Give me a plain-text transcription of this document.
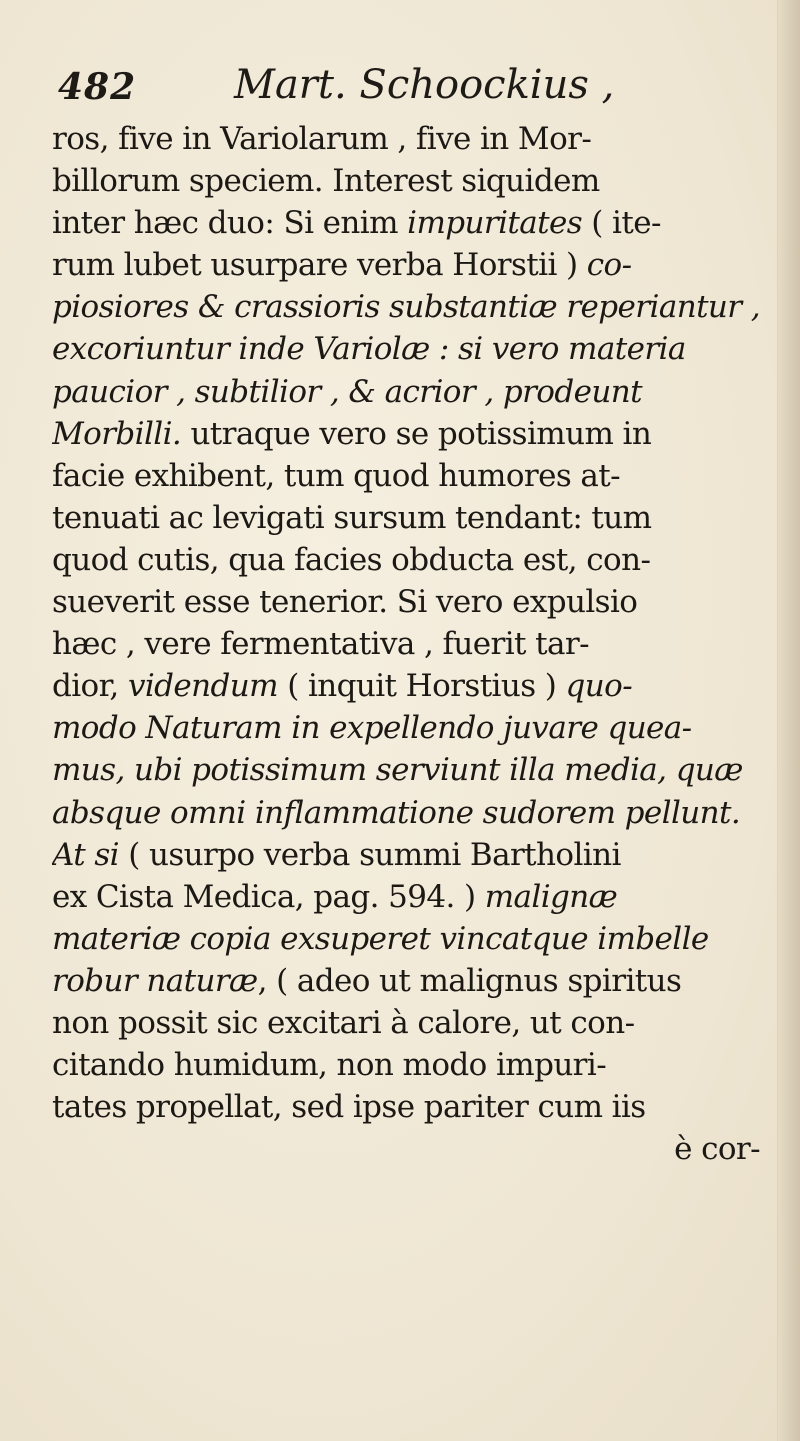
482 Mart. Schoockius ,
ros, five in Variolarum , five in Mor-
billorum speciem. Interest siquidem
inter hæc duo: Si enim impuritates ( ite-
rum lubet usurpare verba Horstii ) co-
piosiores & crassioris substantiæ reperiantur ,
excoriuntur inde Variolæ : si vero materia
paucior , subtilior , & acrior , prodeunt
Morbilli. utraque vero se potissimum in
facie exhibent, tum quod humores at-
tenuati ac levigati sursum tendant: tum
quod cutis, qua facies obducta est, con-
sueverit esse tenerior. Si vero expulsio
hæc , vere fermentativa , fuerit tar-
dior, videndum ( inquit Horstius ) quo-
modo Naturam in expellendo juvare quea-
mus, ubi potissimum serviunt illa media, quæ
absque omni inflammatione sudorem pellunt.
At si ( usurpo verba summi Bartholini
ex Cista Medica, pag. 594. ) malignæ
materiæ copia exsuperet vincatque imbelle
robur naturæ, ( adeo ut malignus spiritus
non possit sic excitari à calore, ut con-
citando humidum, non modo impuri-
tates propellat, sed ipse pariter cum iis
è cor-
